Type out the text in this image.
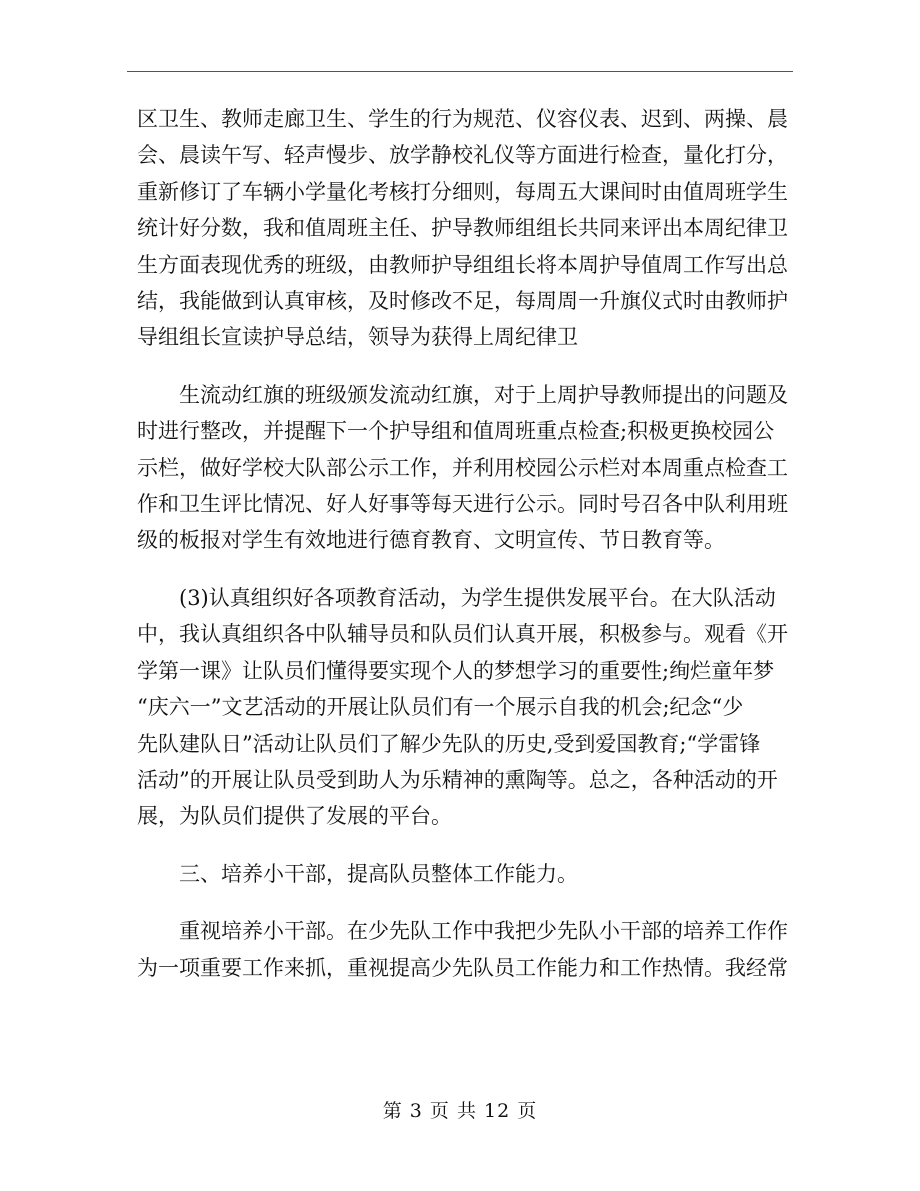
区卫生、教师走廊卫生、学生的行为规范、仪容仪表、迟到、两操、晨
会、晨读午写、轻声慢步、放学静校礼仪等方面进行检查，量化打分，
重新修订了车辆小学量化考核打分细则，每周五大课间时由值周班学生
统计好分数，我和值周班主任、护导教师组组长共同来评出本周纪律卫
生方面表现优秀的班级，由教师护导组组长将本周护导值周工作写出总
结，我能做到认真审核，及时修改不足，每周周一升旗仪式时由教师护
导组组长宣读护导总结，领导为获得上周纪律卫

生流动红旗的班级颁发流动红旗，对于上周护导教师提出的问题及
时进行整改，并提醒下一个护导组和值周班重点检查;积极更换校园公
示栏，做好学校大队部公示工作，并利用校园公示栏对本周重点检查工
作和卫生评比情况、好人好事等每天进行公示。同时号召各中队利用班
级的板报对学生有效地进行德育教育、文明宣传、节日教育等。

(3)认真组织好各项教育活动，为学生提供发展平台。在大队活动
中，我认真组织各中队辅导员和队员们认真开展，积极参与。观看《开
学第一课》让队员们懂得要实现个人的梦想学习的重要性;绚烂童年梦
“庆六一”文艺活动的开展让队员们有一个展示自我的机会;纪念“少
先队建队日”活动让队员们了解少先队的历史,受到爱国教育;“学雷锋
活动”的开展让队员受到助人为乐精神的熏陶等。总之，各种活动的开
展，为队员们提供了发展的平台。

三、培养小干部，提高队员整体工作能力。

重视培养小干部。在少先队工作中我把少先队小干部的培养工作作
为一项重要工作来抓，重视提高少先队员工作能力和工作热情。我经常

第 3 页 共 12 页
